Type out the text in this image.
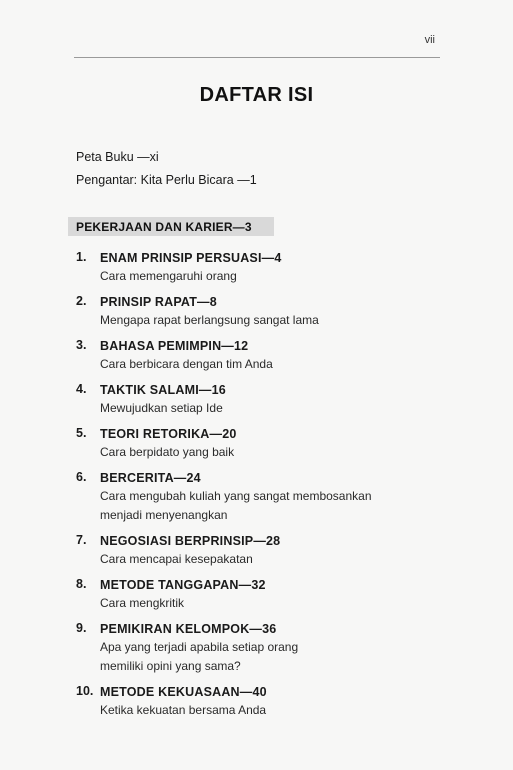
vii
DAFTAR ISI
Peta Buku —xi
Pengantar: Kita Perlu Bicara —1
PEKERJAAN DAN KARIER—3
1.	ENAM PRINSIP PERSUASI—4
Cara memengaruhi orang
2.	PRINSIP RAPAT—8
Mengapa rapat berlangsung sangat lama
3.	BAHASA PEMIMPIN—12
Cara berbicara dengan tim Anda
4.	TAKTIK SALAMI—16
Mewujudkan setiap Ide
5.	TEORI RETORIKA—20
Cara berpidato yang baik
6.	BERCERITA—24
Cara mengubah kuliah yang sangat membosankan
menjadi menyenangkan
7.	NEGOSIASI BERPRINSIP—28
Cara mencapai kesepakatan
8.	METODE TANGGAPAN—32
Cara mengkritik
9.	PEMIKIRAN KELOMPOK—36
Apa yang terjadi apabila setiap orang
memiliki opini yang sama?
10. METODE KEKUASAAN—40
Ketika kekuatan bersama Anda
